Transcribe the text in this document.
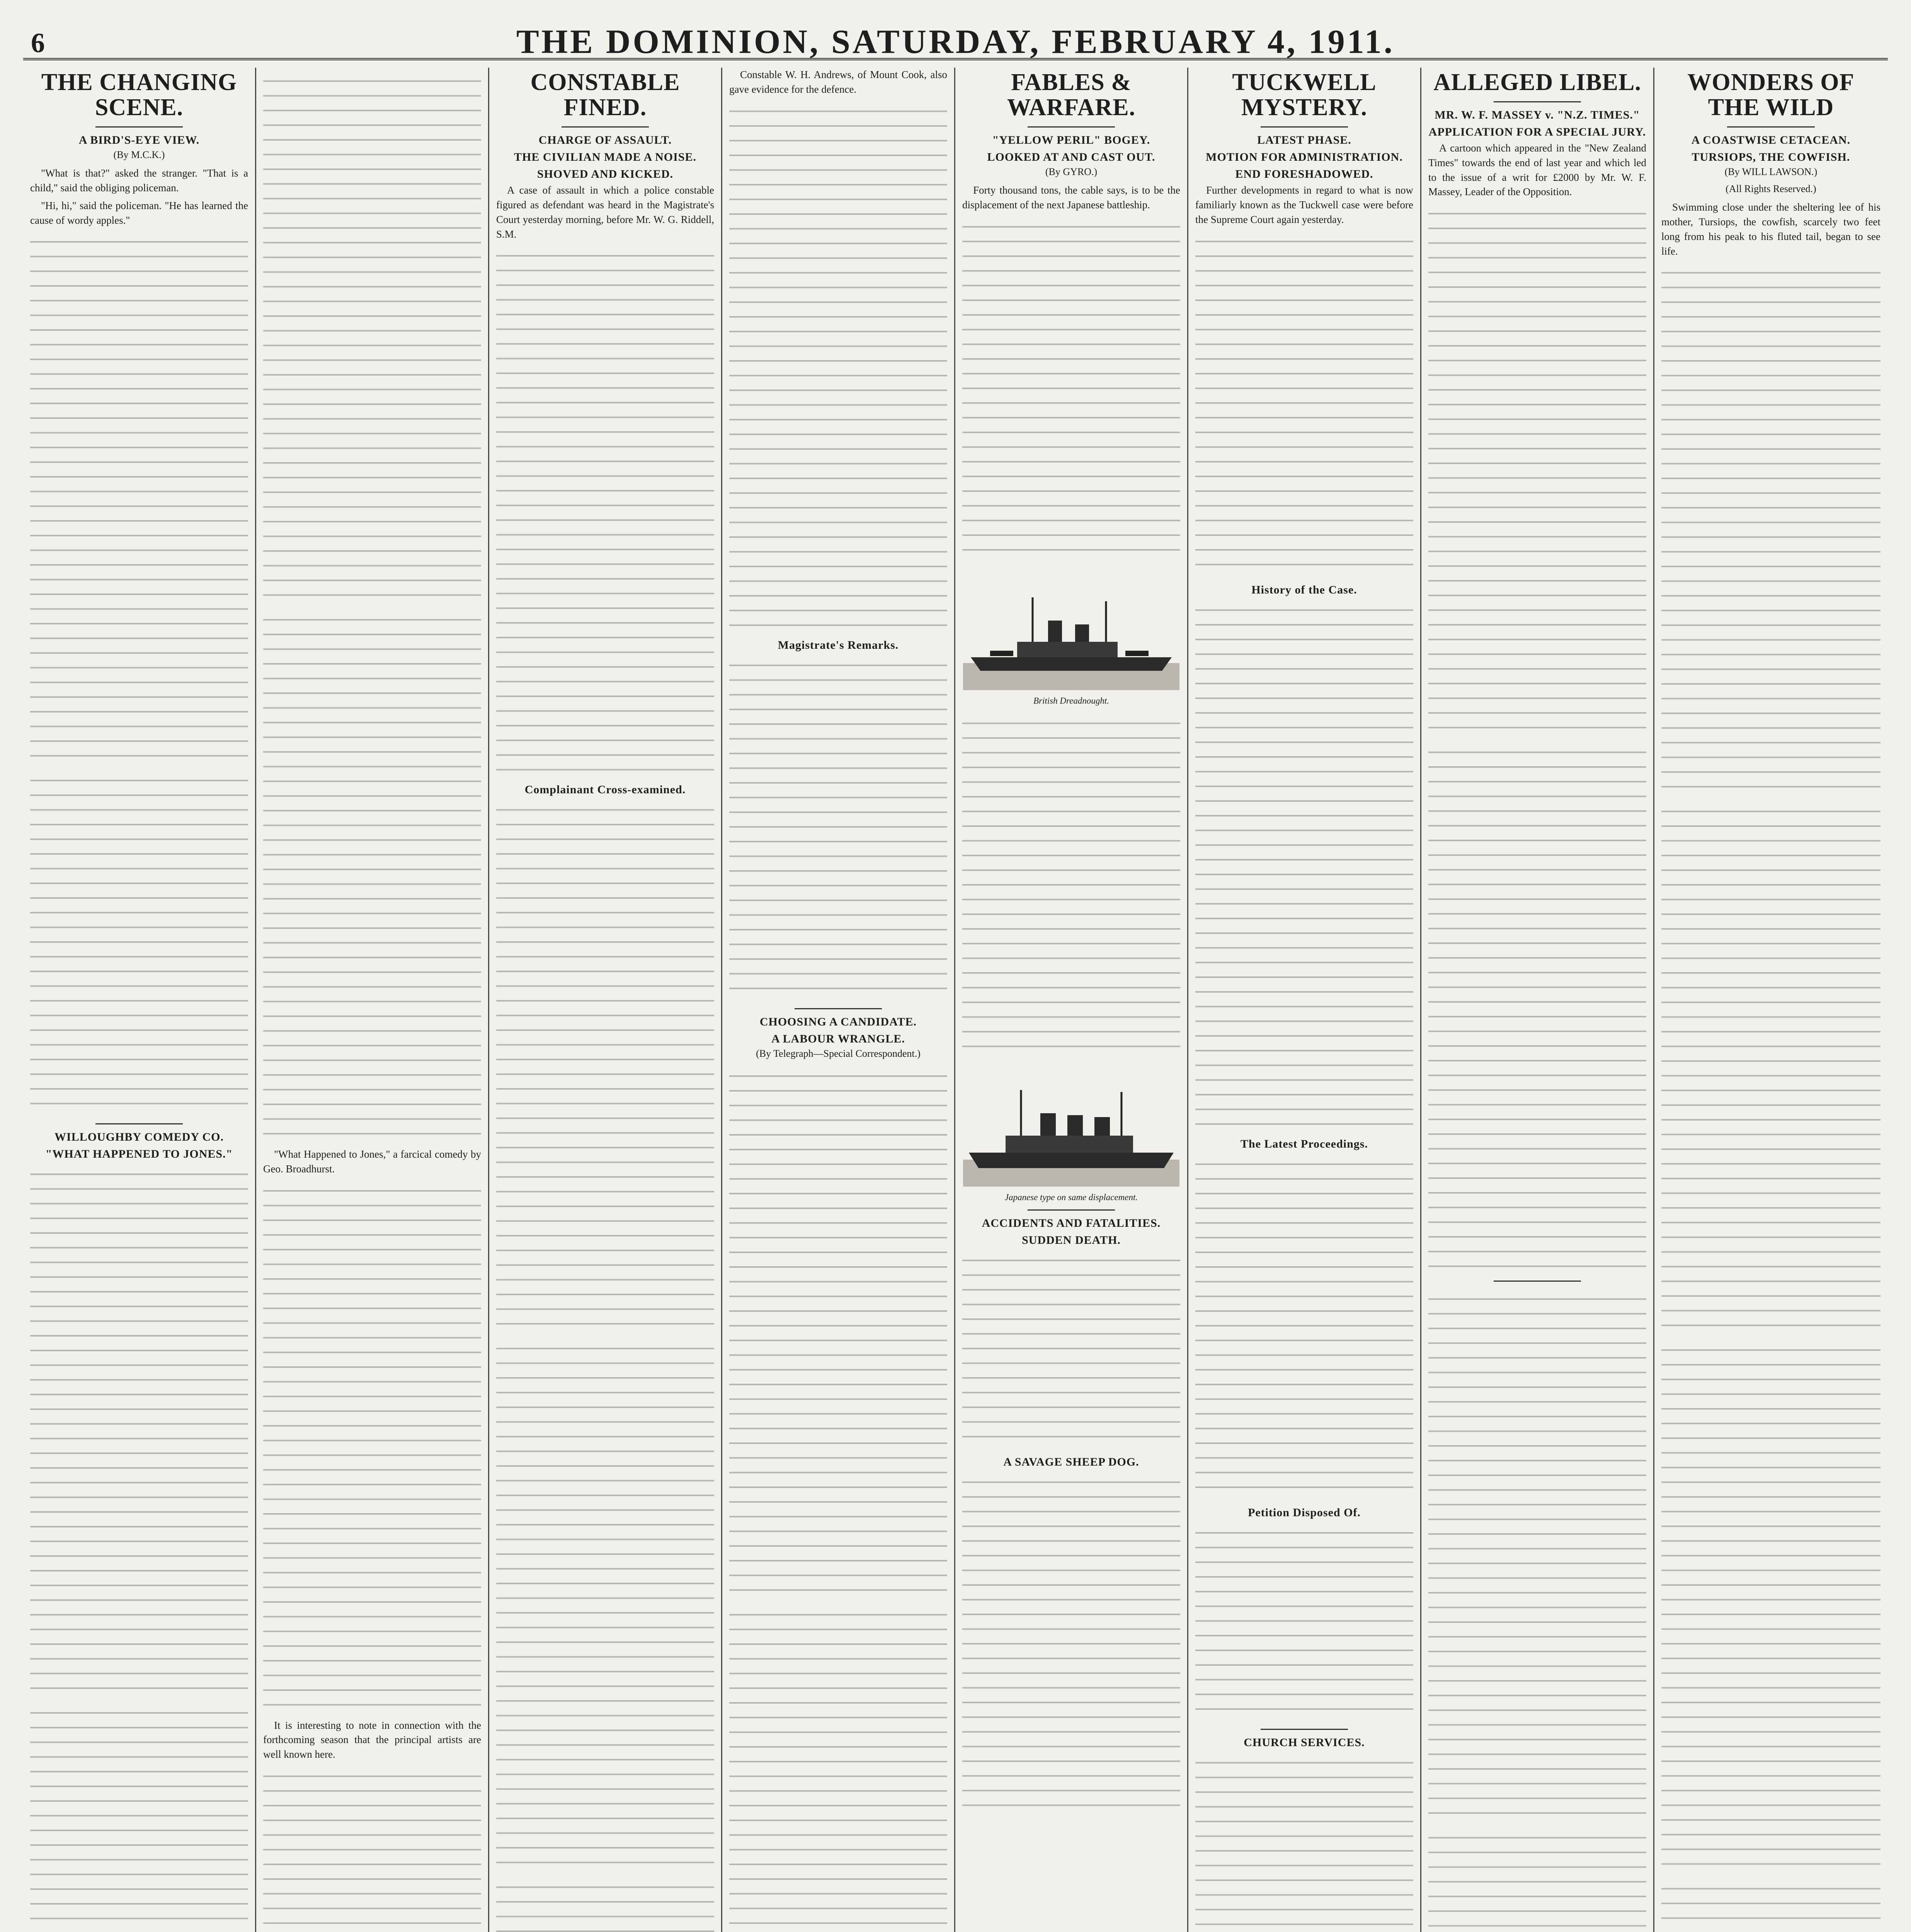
6	THE DOMINION, SATURDAY, FEBRUARY 4, 1911.
THE CHANGING SCENE.
A BIRD'S-EYE VIEW.
(By M.C.K.)

"What is that?" asked the stranger. "That is a child," said the obliging policeman.

"Hi, hi," said the policeman. "He has learned the cause of wordy apples."

WILLOUGHBY COMEDY CO.
"WHAT HAPPENED TO JONES."	"What Happened to Jones," a farcical comedy by Geo. Broadhurst.

It is interesting to note in connection with the forthcoming season that the principal artists are well known here.

CONSTABLE FINED.
CHARGE OF ASSAULT.
THE CIVILIAN MADE A NOISE.
SHOVED AND KICKED.

A case of assault in which a police constable figured as defendant was heard in the Magistrate's Court yesterday morning, before Mr. W. G. Riddell, S.M.

Complainant Cross-examined.

Constable W. H. Andrews, of Mount Cook, also gave evidence for the defence.

Magistrate's Remarks.
CHOOSING A CANDIDATE.
A LABOUR WRANGLE.
(By Telegraph—Special Correspondent.)
FABLES & WARFARE.
"YELLOW PERIL" BOGEY.
LOOKED AT AND CAST OUT.
(By GYRO.)

Forty thousand tons, the cable says, is to be the displacement of the next Japanese battleship.

British Dreadnought.
Japanese type on same displacement.
ACCIDENTS AND FATALITIES.
SUDDEN DEATH.
A SAVAGE SHEEP DOG.
TUCKWELL MYSTERY.
LATEST PHASE.
MOTION FOR ADMINISTRATION.
END FORESHADOWED.

Further developments in regard to what is now familiarly known as the Tuckwell case were before the Supreme Court again yesterday.

History of the Case.
The Latest Proceedings.
Petition Disposed Of.
CHURCH SERVICES.
ALLEGED LIBEL.
MR. W. F. MASSEY v. "N.Z. TIMES."
APPLICATION FOR A SPECIAL JURY.

A cartoon which appeared in the "New Zealand Times" towards the end of last year and which led to the issue of a writ for £2000 by Mr. W. F. Massey, Leader of the Opposition.

WONDERS OF THE WILD
A COASTWISE CETACEAN.
TURSIOPS, THE COWFISH.
(By WILL LAWSON.)
(All Rights Reserved.)

Swimming close under the sheltering lee of his mother, Tursiops, the cowfish, scarcely two feet long from his peak to his fluted tail, began to see life.
